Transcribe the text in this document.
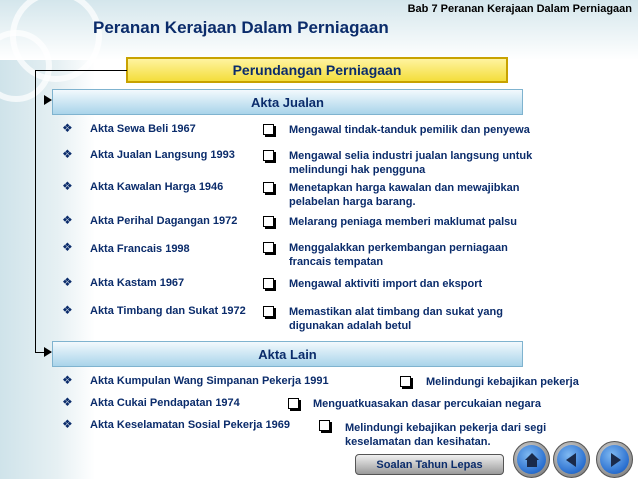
Bab 7 Peranan Kerajaan Dalam Perniagaan
Peranan Kerajaan Dalam Perniagaan
Perundangan Perniagaan
Akta Jualan
❖ Akta Sewa Beli 1967	Mengawal tindak-tanduk pemilik dan penyewa
❖ Akta Jualan Langsung 1993	Mengawal selia industri jualan langsung untuk
melindungi hak pengguna
❖ Akta Kawalan Harga 1946	Menetapkan harga kawalan dan mewajibkan
pelabelan harga barang.
❖ Akta Perihal Dagangan 1972	Melarang peniaga memberi maklumat palsu
❖ Akta Francais 1998	Menggalakkan perkembangan perniagaan
francais tempatan
❖ Akta Kastam 1967	Mengawal aktiviti import dan eksport
❖ Akta Timbang dan Sukat 1972	Memastikan alat timbang dan sukat yang
digunakan adalah betul
Akta Lain
❖ Akta Kumpulan Wang Simpanan Pekerja 1991	Melindungi kebajikan pekerja
❖ Akta Cukai Pendapatan 1974	Menguatkuasakan dasar percukaian negara
❖ Akta Keselamatan Sosial Pekerja 1969	Melindungi kebajikan pekerja dari segi
keselamatan dan kesihatan.
Soalan Tahun Lepas
